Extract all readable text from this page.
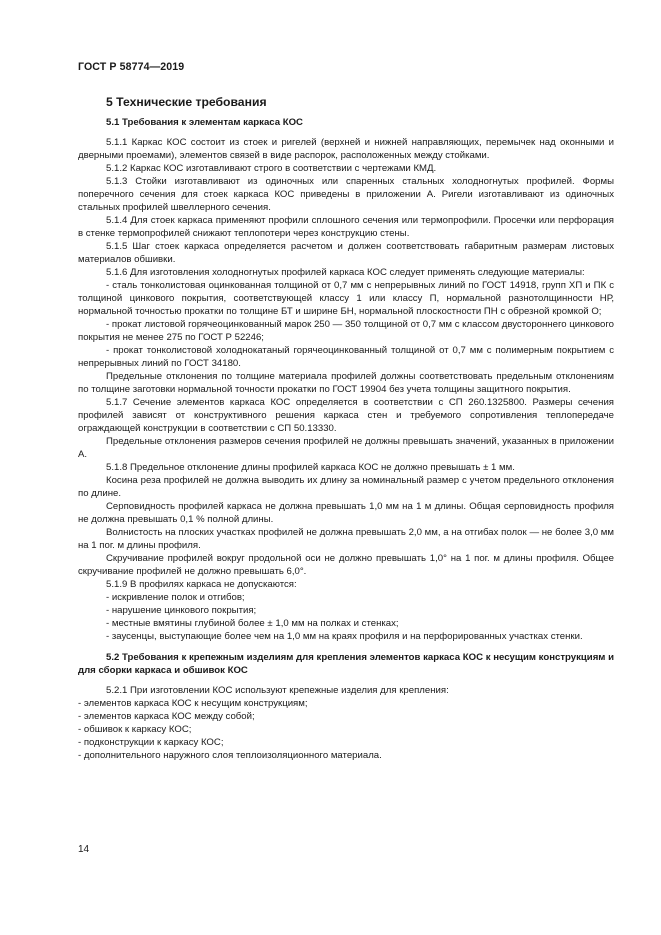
ГОСТ Р 58774—2019
5 Технические требования

5.1 Требования к элементам каркаса КОС

5.1.1 Каркас КОС состоит из стоек и ригелей (верхней и нижней направляющих, перемычек над оконными и дверными проемами), элементов связей в виде распорок, расположенных между стойками.

5.1.2 Каркас КОС изготавливают строго в соответствии с чертежами КМД.

5.1.3 Стойки изготавливают из одиночных или спаренных стальных холодногнутых профилей. Формы поперечного сечения для стоек каркаса КОС приведены в приложении А. Ригели изготавливают из одиночных стальных профилей швеллерного сечения.

5.1.4 Для стоек каркаса применяют профили сплошного сечения или термопрофили. Просечки или перфорация в стенке термопрофилей снижают теплопотери через конструкцию стены.

5.1.5 Шаг стоек каркаса определяется расчетом и должен соответствовать габаритным размерам листовых материалов обшивки.

5.1.6 Для изготовления холодногнутых профилей каркаса КОС следует применять следующие материалы:

- сталь тонколистовая оцинкованная толщиной от 0,7 мм с непрерывных линий по ГОСТ 14918, групп ХП и ПК с толщиной цинкового покрытия, соответствующей классу 1 или классу П, нормальной разнотолщинности НР, нормальной точностью прокатки по толщине БТ и ширине БН, нормальной плоскостности ПН с обрезной кромкой О;

- прокат листовой горячеоцинкованный марок 250 — 350 толщиной от 0,7 мм с классом двустороннего цинкового покрытия не менее 275 по ГОСТ Р 52246;

- прокат тонколистовой холоднокатаный горячеоцинкованный толщиной от 0,7 мм с полимерным покрытием с непрерывных линий по ГОСТ 34180.

Предельные отклонения по толщине материала профилей должны соответствовать предельным отклонениям по толщине заготовки нормальной точности прокатки по ГОСТ 19904 без учета толщины защитного покрытия.

5.1.7 Сечение элементов каркаса КОС определяется в соответствии с СП 260.1325800. Размеры сечения профилей зависят от конструктивного решения каркаса стен и требуемого сопротивления теплопередаче ограждающей конструкции в соответствии с СП 50.13330.

Предельные отклонения размеров сечения профилей не должны превышать значений, указанных в приложении А.

5.1.8 Предельное отклонение длины профилей каркаса КОС не должно превышать ± 1 мм.

Косина реза профилей не должна выводить их длину за номинальный размер с учетом предельного отклонения по длине.

Серповидность профилей каркаса не должна превышать 1,0 мм на 1 м длины. Общая серповидность профиля не должна превышать 0,1 % полной длины.

Волнистость на плоских участках профилей не должна превышать 2,0 мм, а на отгибах полок — не более 3,0 мм на 1 пог. м длины профиля.

Скручивание профилей вокруг продольной оси не должно превышать 1,0° на 1 пог. м длины профиля. Общее скручивание профилей не должно превышать 6,0°.

5.1.9 В профилях каркаса не допускаются:

- искривление полок и отгибов;

- нарушение цинкового покрытия;

- местные вмятины глубиной более ± 1,0 мм на полках и стенках;

- заусенцы, выступающие более чем на 1,0 мм на краях профиля и на перфорированных участках стенки.

5.2 Требования к крепежным изделиям для крепления элементов каркаса КОС к несущим конструкциям и для сборки каркаса и обшивок КОС

5.2.1 При изготовлении КОС используют крепежные изделия для крепления:

- элементов каркаса КОС к несущим конструкциям;

- элементов каркаса КОС между собой;

- обшивок к каркасу КОС;

- подконструкции к каркасу КОС;

- дополнительного наружного слоя теплоизоляционного материала.

14
